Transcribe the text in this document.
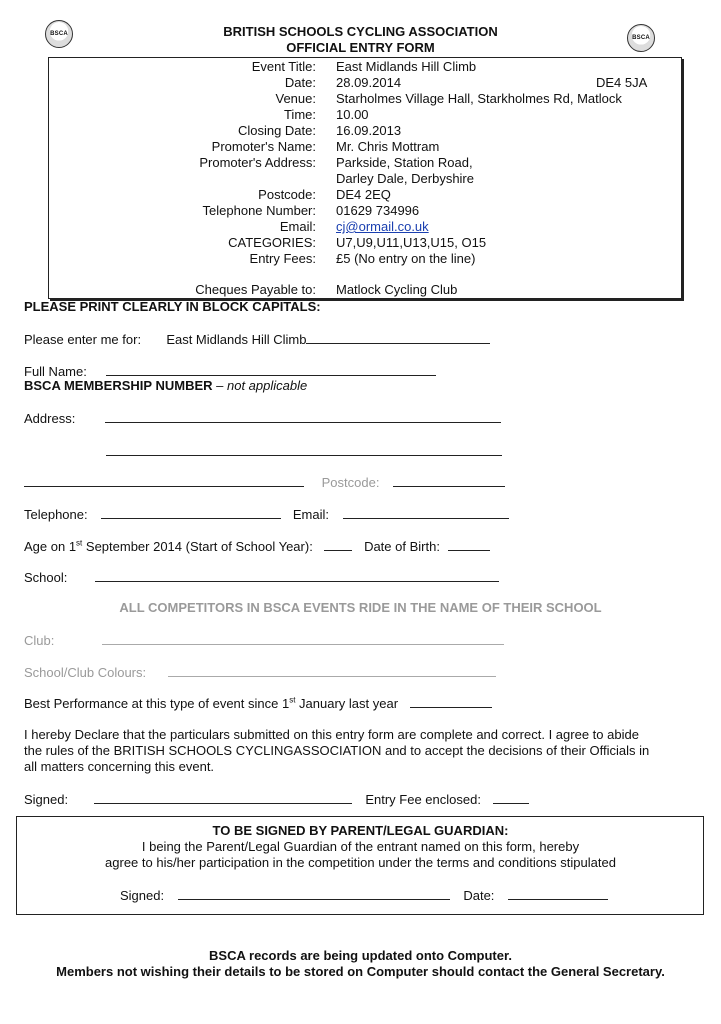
BSCA
BSCA
BRITISH SCHOOLS CYCLING ASSOCIATION
OFFICIAL ENTRY FORM
Event Title: East Midlands Hill Climb
Date: 28.09.2014	DE4 5JA
Venue: Starholmes Village Hall, Starkholmes Rd, Matlock
Time: 10.00
Closing Date: 16.09.2013
Promoter's Name: Mr. Chris Mottram
Promoter's Address: Parkside, Station Road,
Darley Dale, Derbyshire
Postcode: DE4 2EQ
Telephone Number: 01629 734996
Email: cj@ormail.co.uk
CATEGORIES: U7,U9,U11,U13,U15, O15
Entry Fees: £5 (No entry on the line)
Cheques Payable to: Matlock Cycling Club
PLEASE PRINT CLEARLY IN BLOCK CAPITALS:
Please enter me for: East Midlands Hill Climb
Full Name:
BSCA MEMBERSHIP NUMBER – not applicable
Address:
Postcode:
Telephone:	Email:
Age on 1st September 2014 (Start of School Year):	Date of Birth:
School:
ALL COMPETITORS IN BSCA EVENTS RIDE IN THE NAME OF THEIR SCHOOL
Club:
School/Club Colours:
Best Performance at this type of event since 1st January last year
I hereby Declare that the particulars submitted on this entry form are complete and correct. I agree to abide
the rules of the BRITISH SCHOOLS CYCLINGASSOCIATION and to accept the decisions of their Officials in
all matters concerning this event.
Signed:	Entry Fee enclosed:
TO BE SIGNED BY PARENT/LEGAL GUARDIAN:
I being the Parent/Legal Guardian of the entrant named on this form, hereby
agree to his/her participation in the competition under the terms and conditions stipulated
Signed:	Date:
BSCA records are being updated onto Computer.
Members not wishing their details to be stored on Computer should contact the General Secretary.
